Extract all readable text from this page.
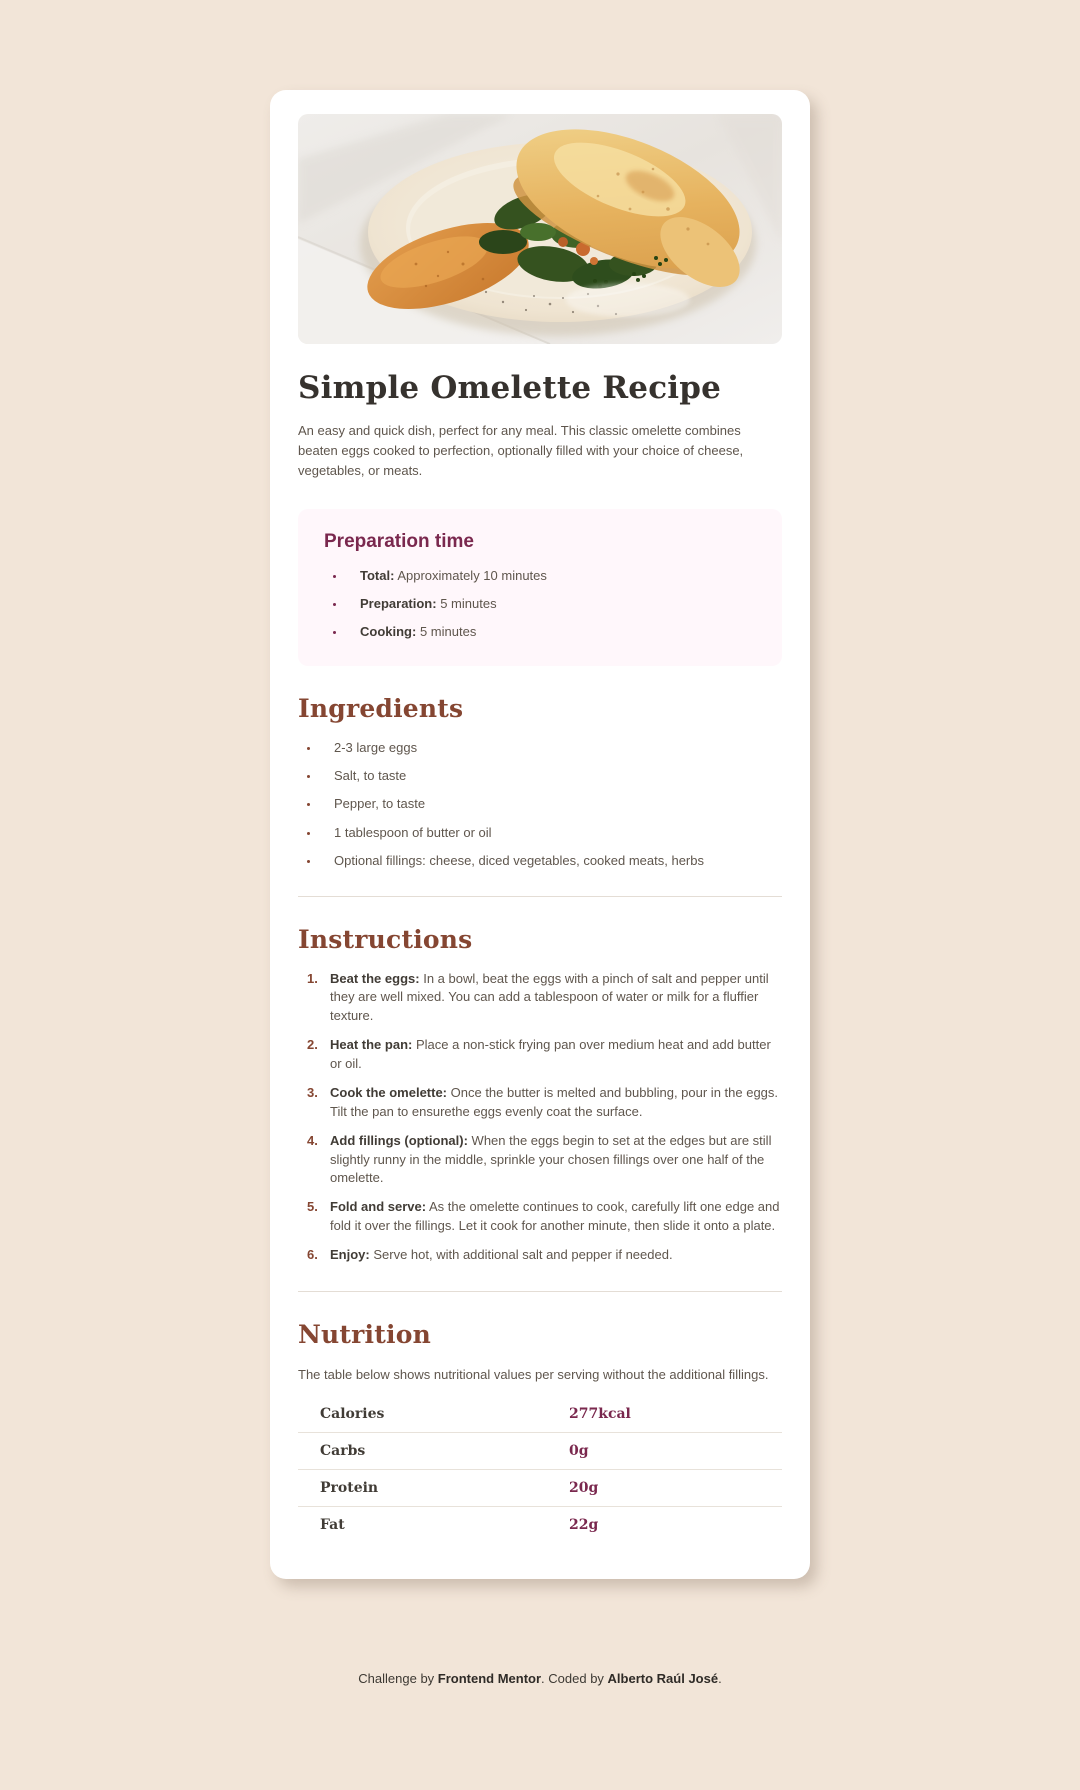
Simple Omelette Recipe

An easy and quick dish, perfect for any meal. This classic omelette combines beaten eggs cooked to perfection, optionally filled with your choice of cheese, vegetables, or meats.

Preparation time
• Total: Approximately 10 minutes
• Preparation: 5 minutes
• Cooking: 5 minutes
Ingredients
• 2-3 large eggs
• Salt, to taste
• Pepper, to taste
• 1 tablespoon of butter or oil
• Optional fillings: cheese, diced vegetables, cooked meats, herbs
Instructions
Beat the eggs: In a bowl, beat the eggs with a pinch of salt and pepper until they are well mixed. You can add a tablespoon of water or milk for a fluffier texture.
Heat the pan: Place a non-stick frying pan over medium heat and add butter or oil.
Cook the omelette: Once the butter is melted and bubbling, pour in the eggs. Tilt the pan to ensurethe eggs evenly coat the surface.
Add fillings (optional): When the eggs begin to set at the edges but are still slightly runny in the middle, sprinkle your chosen fillings over one half of the omelette.
Fold and serve: As the omelette continues to cook, carefully lift one edge and fold it over the fillings. Let it cook for another minute, then slide it onto a plate.
Enjoy: Serve hot, with additional salt and pepper if needed.
Nutrition

The table below shows nutritional values per serving without the additional fillings.

Calories	277kcal
Carbs	0g
Protein	20g
Fat	22g
Challenge by Frontend Mentor. Coded by Alberto Raúl José.
